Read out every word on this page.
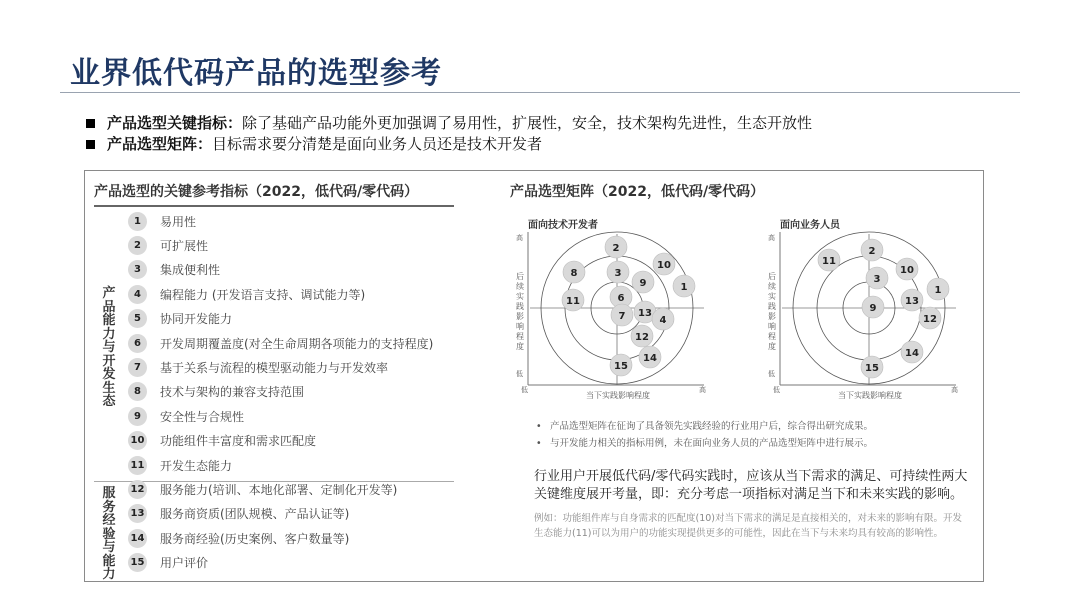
业界低代码产品的选型参考
产品选型关键指标： 除了基础产品功能外更加强调了易用性，扩展性，安全，技术架构先进性，生态开放性
产品选型矩阵： 目标需求要分清楚是面向业务人员还是技术开发者
产品选型的关键参考指标（2022，低代码/零代码）
产品能力与开发生态
服务经验与能力
1	易用性
2	可扩展性
3	集成便利性
4	编程能力 (开发语言支持、调试能力等)
5	协同开发能力
6	开发周期覆盖度(对全生命周期各项能力的支持程度)
7	基于关系与流程的模型驱动能力与开发效率
8	技术与架构的兼容支持范围
9	安全性与合规性
10 功能组件丰富度和需求匹配度
11 开发生态能力
12 服务能力(培训、本地化部署、定制化开发等)
13 服务商资质(团队规模、产品认证等)
14 服务商经验(历史案例、客户数量等)
15 用户评价
产品选型矩阵（2022，低代码/零代码）
面向技术开发者
高
后续实践影响程度
低
低
当下实践影响程度
高
2
8
10
3
9	1
11	6
13
7	4
12
14
15
面向业务人员
高
后续实践影响程度
低
低
当下实践影响程度
高
2
11
3
10
1
9
13
12
14
15
• 产品选型矩阵在征询了具备领先实践经验的行业用户后，综合得出研究成果。
• 与开发能力相关的指标用例，未在面向业务人员的产品选型矩阵中进行展示。
行业用户开展低代码/零代码实践时，应该从当下需求的满足、可持续性两大关键维度展开考量，即：充分考虑一项指标对满足当下和未来实践的影响。
例如：功能组件库与自身需求的匹配度(10)对当下需求的满足是直接相关的，对未来的影响有限。开发生态能力(11)可以为用户的功能实现提供更多的可能性，因此在当下与未来均具有较高的影响性。
